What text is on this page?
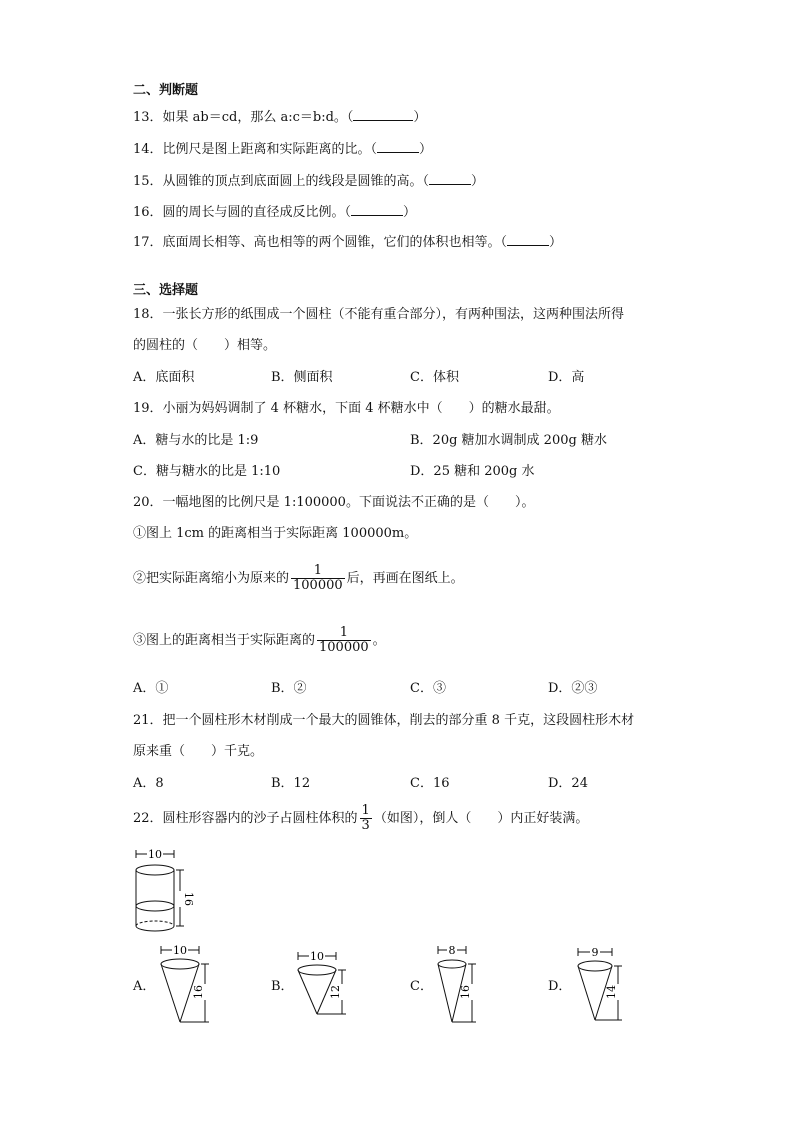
二、判断题
13．如果 ab＝cd，那么 a:c＝b:d。（	）
14．比例尺是图上距离和实际距离的比。（	）
15．从圆锥的顶点到底面圆上的线段是圆锥的高。（	）
16．圆的周长与圆的直径成反比例。（	）
17．底面周长相等、高也相等的两个圆锥，它们的体积也相等。（	）
三、选择题
18．一张长方形的纸围成一个圆柱（不能有重合部分），有两种围法，这两种围法所得
的圆柱的（　　）相等。
A．底面积	B．侧面积	C．体积	D．高
19．小丽为妈妈调制了 4 杯糖水，下面 4 杯糖水中（　　）的糖水最甜。
A．糖与水的比是 1:9	B．20g 糖加水调制成 200g 糖水
C．糖与糖水的比是 1:10	D．25 糖和 200g 水
20．一幅地图的比例尺是 1:100000。下面说法不正确的是（　　）。
①图上 1cm 的距离相当于实际距离 100000m。
②把实际距离缩小为原来的 $\frac{1}{100000}$ 后，再画在图纸上。
③图上的距离相当于实际距离的 $\frac{1}{100000}$ 。
A．①	B．②	C．③	D．②③
21．把一个圆柱形木材削成一个最大的圆锥体，削去的部分重 8 千克，这段圆柱形木材
原来重（　　）千克。
A．8	B．12	C．16	D．24
22．圆柱形容器内的沙子占圆柱体积的 $\frac{1}{3}$ （如图），倒人（　　）内正好装满。
10
16
A．
10
16	B．
10
12	C．
8
16	D．
9
14
